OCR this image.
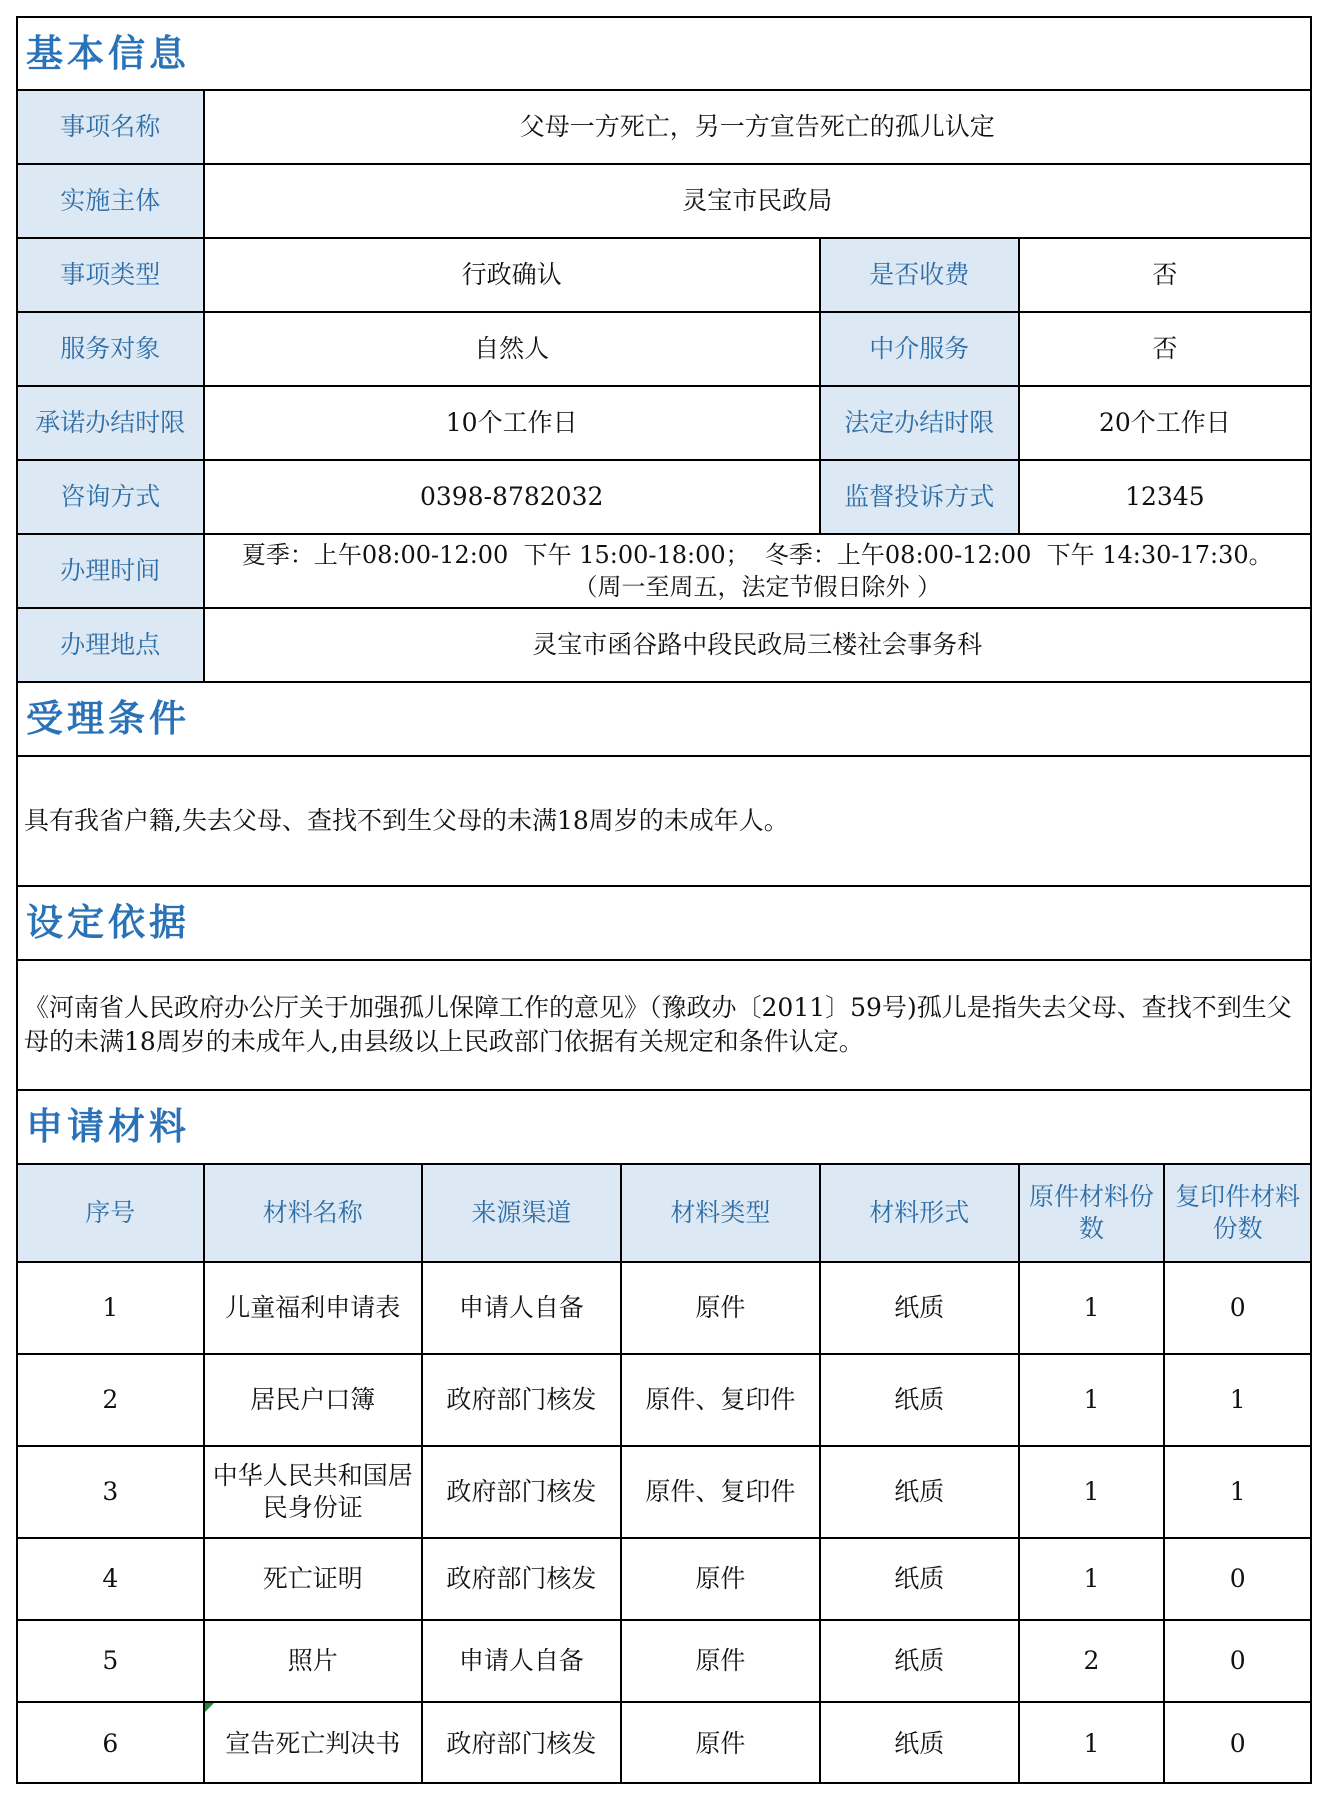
基本信息						
事项名称	父母一方死亡，另一方宣告死亡的孤儿认定					
实施主体	灵宝市民政局					
事项类型	行政确认			是否收费	否	
服务对象	自然人			中介服务	否	
承诺办结时限	10个工作日			法定办结时限	20个工作日	
咨询方式	0398-8782032			监督投诉方式	12345	
办理时间	夏季：上午08:00-12:00  下午 15:00-18:00；  冬季：上午08:00-12:00  下午 14:30-17:30。
（周一至周五，法定节假日除外 ）					

办理地点	灵宝市函谷路中段民政局三楼社会事务科					
受理条件						
具有我省户籍,失去父母、查找不到生父母的未满18周岁的未成年人。						
设定依据						
《河南省人民政府办公厅关于加强孤儿保障工作的意见》（豫政办〔2011〕59号)孤儿是指失去父母、查找不到生父母的未满18周岁的未成年人,由县级以上民政部门依据有关规定和条件认定。						
申请材料						
序号	材料名称	来源渠道	材料类型	材料形式	原件材料份数	复印件材料份数
1	儿童福利申请表	申请人自备	原件	纸质	1	0
2	居民户口簿	政府部门核发	原件、复印件	纸质	1	1
3	中华人民共和国居民身份证	政府部门核发	原件、复印件	纸质	1	1
4	死亡证明	政府部门核发	原件	纸质	1	0
5	照片	申请人自备	原件	纸质	2	0
6	宣告死亡判决书	政府部门核发	原件	纸质	1	0
